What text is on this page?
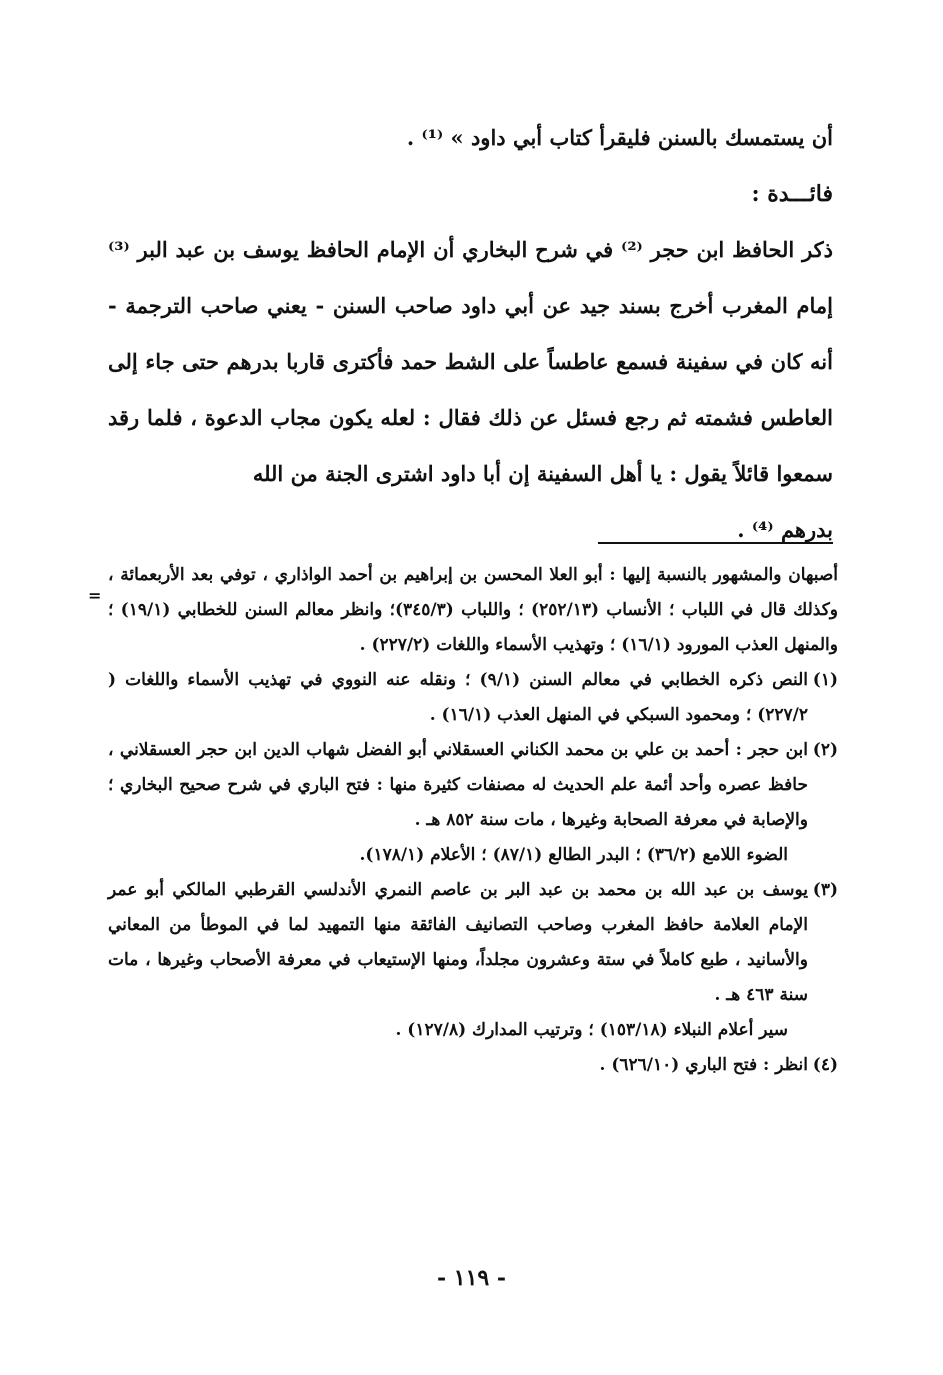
أن يستمسك بالسنن فليقرأ كتاب أبي داود » ⁽¹⁾ .

فائـــدة :

ذكر الحافظ ابن حجر ⁽²⁾ في شرح البخاري أن الإمام الحافظ يوسف بن عبد البر ⁽³⁾ إمام المغرب أخرج بسند جيد عن أبي داود صاحب السنن - يعني صاحب الترجمة - أنه كان في سفينة فسمع عاطساً على الشط حمد فأكترى قاربا بدرهم حتى جاء إلى العاطس فشمته ثم رجع فسئل عن ذلك فقال : لعله يكون مجاب الدعوة ، فلما رقد سمعوا قائلاً يقول : يا أهل السفينة إن أبا داود اشترى الجنة من الله

بدرهم ⁽⁴⁾ .

=
أصبهان والمشهور بالنسبة إليها : أبو العلا المحسن بن إبراهيم بن أحمد الواذاري ، توفي بعد الأربعمائة ، وكذلك قال في اللباب ؛ الأنساب (٢٥٢/١٣) ؛ واللباب (٣٤٥/٣)؛ وانظر معالم السنن للخطابي (١٩/١) ؛ والمنهل العذب المورود (١٦/١) ؛ وتهذيب الأسماء واللغات (٢٢٧/٢) .
(١)
النص ذكره الخطابي في معالم السنن (٩/١) ؛ ونقله عنه النووي في تهذيب الأسماء واللغات ( ٢٢٧/٢) ؛ ومحمود السبكي في المنهل العذب (١٦/١) .
(٢)
ابن حجر : أحمد بن علي بن محمد الكناني العسقلاني أبو الفضل شهاب الدين ابن حجر العسقلاني ، حافظ عصره وأحد أئمة علم الحديث له مصنفات كثيرة منها : فتح الباري في شرح صحيح البخاري ؛ والإصابة في معرفة الصحابة وغيرها ، مات سنة ٨٥٢ هـ .
الضوء اللامع (٣٦/٢) ؛ البدر الطالع (٨٧/١) ؛ الأعلام (١٧٨/١).
(٣)
يوسف بن عبد الله بن محمد بن عبد البر بن عاصم النمري الأندلسي القرطبي المالكي أبو عمر الإمام العلامة حافظ المغرب وصاحب التصانيف الفائقة منها التمهيد لما في الموطأ من المعاني والأسانيد ، طبع كاملاً في ستة وعشرون مجلداً، ومنها الإستيعاب في معرفة الأصحاب وغيرها ، مات سنة ٤٦٣ هـ .
سير أعلام النبلاء (١٥٣/١٨) ؛ وترتيب المدارك (١٢٧/٨) .
(٤)
انظر : فتح الباري (٦٢٦/١٠) .
- ١١٩ -
